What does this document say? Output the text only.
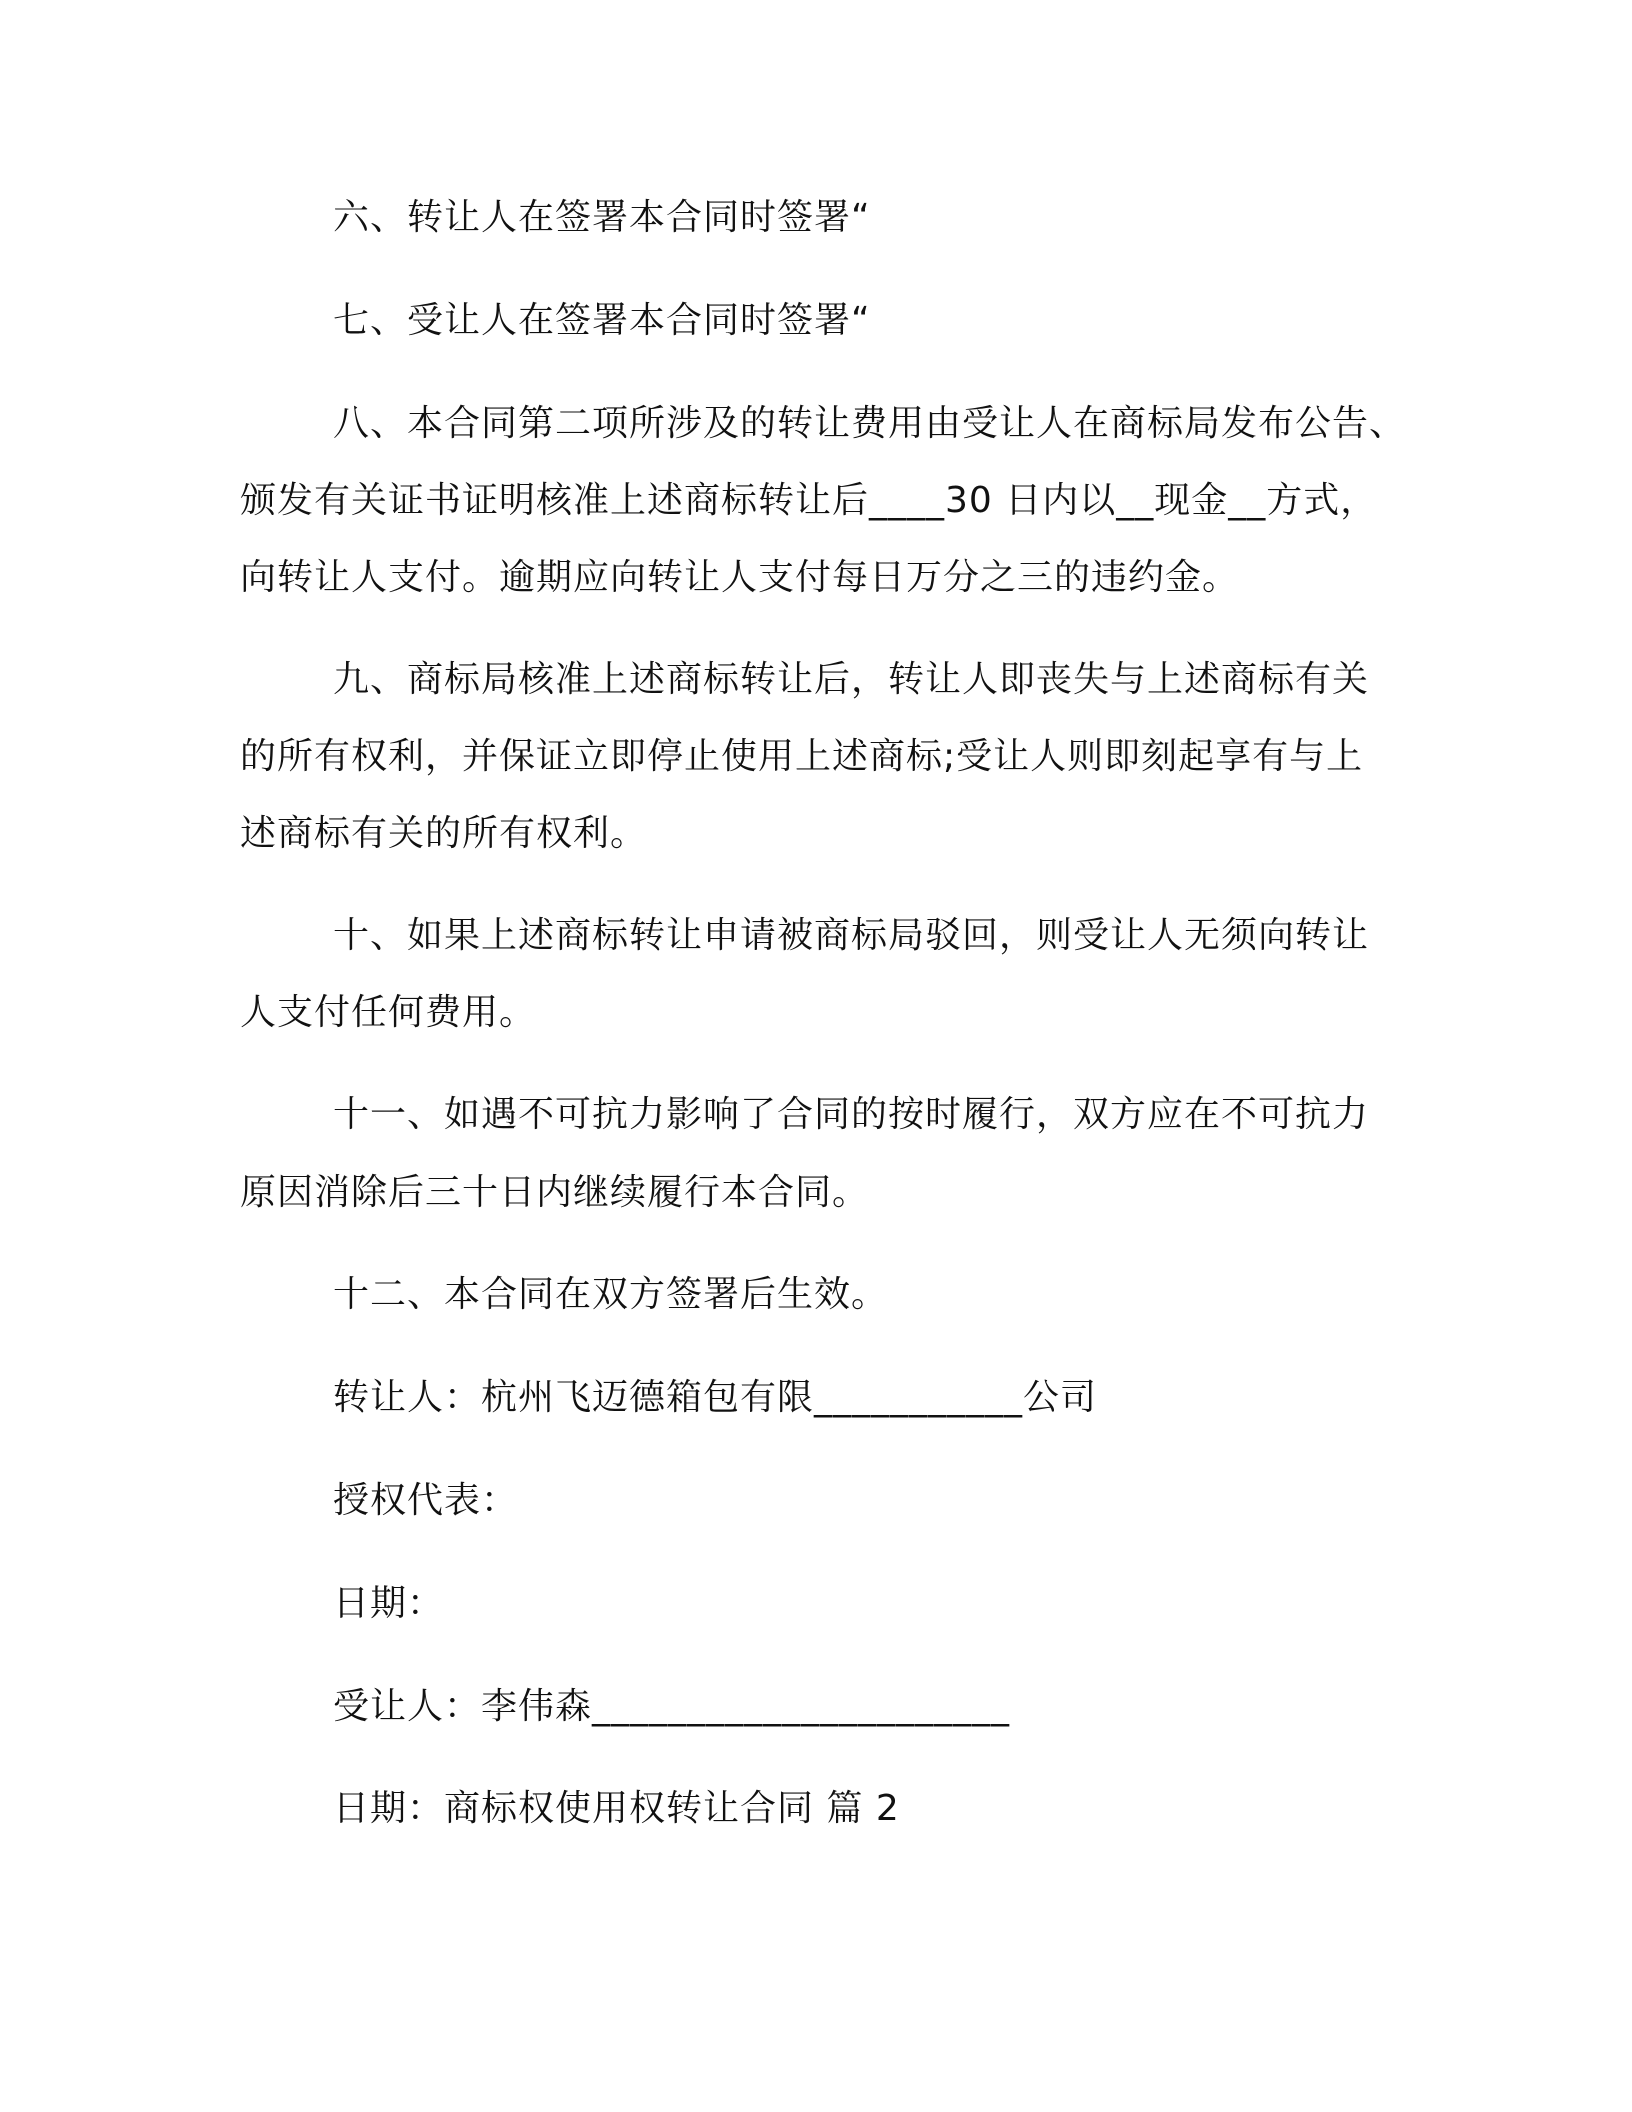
六、转让人在签署本合同时签署“
七、受让人在签署本合同时签署“
八、本合同第二项所涉及的转让费用由受让人在商标局发布公告、
颁发有关证书证明核准上述商标转让后____30 日内以__现金__方式，
向转让人支付。逾期应向转让人支付每日万分之三的违约金。
九、商标局核准上述商标转让后，转让人即丧失与上述商标有关
的所有权利，并保证立即停止使用上述商标;受让人则即刻起享有与上
述商标有关的所有权利。
十、如果上述商标转让申请被商标局驳回，则受让人无须向转让
人支付任何费用。
十一、如遇不可抗力影响了合同的按时履行，双方应在不可抗力
原因消除后三十日内继续履行本合同。
十二、本合同在双方签署后生效。
转让人：杭州飞迈德箱包有限___________公司
授权代表：
日期：
受让人：李伟森______________________
日期：商标权使用权转让合同 篇 2
